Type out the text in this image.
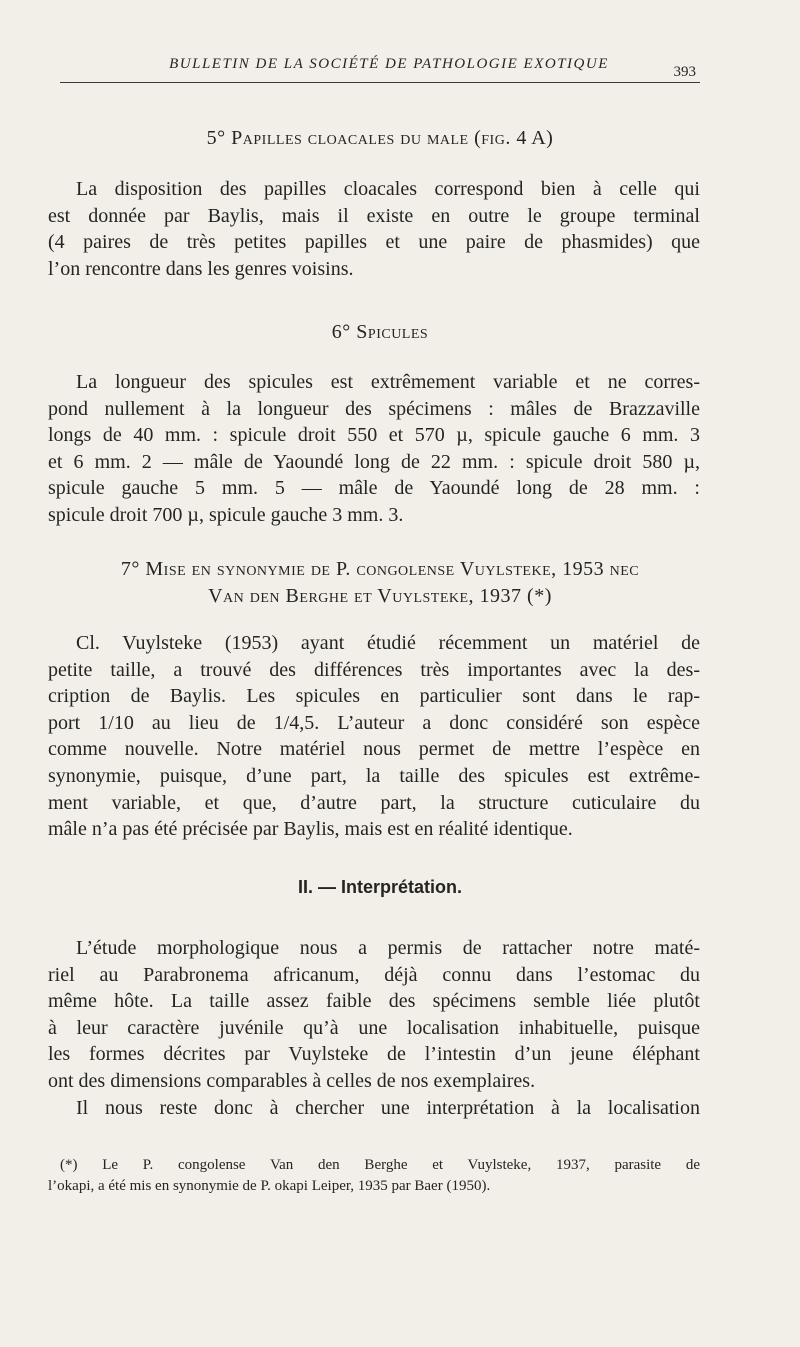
BULLETIN DE LA SOCIÉTÉ DE PATHOLOGIE EXOTIQUE	393
5° Papilles cloacales du male (fig. 4 A)
La disposition des papilles cloacales correspond bien à celle qui
est donnée par Baylis, mais il existe en outre le groupe terminal
(4 paires de très petites papilles et une paire de phasmides) que
l’on rencontre dans les genres voisins.
6° Spicules
La longueur des spicules est extrêmement variable et ne corres-
pond nullement à la longueur des spécimens : mâles de Brazzaville
longs de 40 mm. : spicule droit 550 et 570 µ, spicule gauche 6 mm. 3
et 6 mm. 2 — mâle de Yaoundé long de 22 mm. : spicule droit 580 µ,
spicule gauche 5 mm. 5 — mâle de Yaoundé long de 28 mm. :
spicule droit 700 µ, spicule gauche 3 mm. 3.
7° Mise en synonymie de P. congolense Vuylsteke, 1953 nec
Van den Berghe et Vuylsteke, 1937 (*)
Cl. Vuylsteke (1953) ayant étudié récemment un matériel de
petite taille, a trouvé des différences très importantes avec la des-
cription de Baylis. Les spicules en particulier sont dans le rap-
port 1/10 au lieu de 1/4,5. L’auteur a donc considéré son espèce
comme nouvelle. Notre matériel nous permet de mettre l’espèce en
synonymie, puisque, d’une part, la taille des spicules est extrême-
ment variable, et que, d’autre part, la structure cuticulaire du
mâle n’a pas été précisée par Baylis, mais est en réalité identique.
II. — Interprétation.
L’étude morphologique nous a permis de rattacher notre maté-
riel au Parabronema africanum, déjà connu dans l’estomac du
même hôte. La taille assez faible des spécimens semble liée plutôt
à leur caractère juvénile qu’à une localisation inhabituelle, puisque
les formes décrites par Vuylsteke de l’intestin d’un jeune éléphant
ont des dimensions comparables à celles de nos exemplaires.
Il nous reste donc à chercher une interprétation à la localisation
(*) Le P. congolense Van den Berghe et Vuylsteke, 1937, parasite de
l’okapi, a été mis en synonymie de P. okapi Leiper, 1935 par Baer (1950).
